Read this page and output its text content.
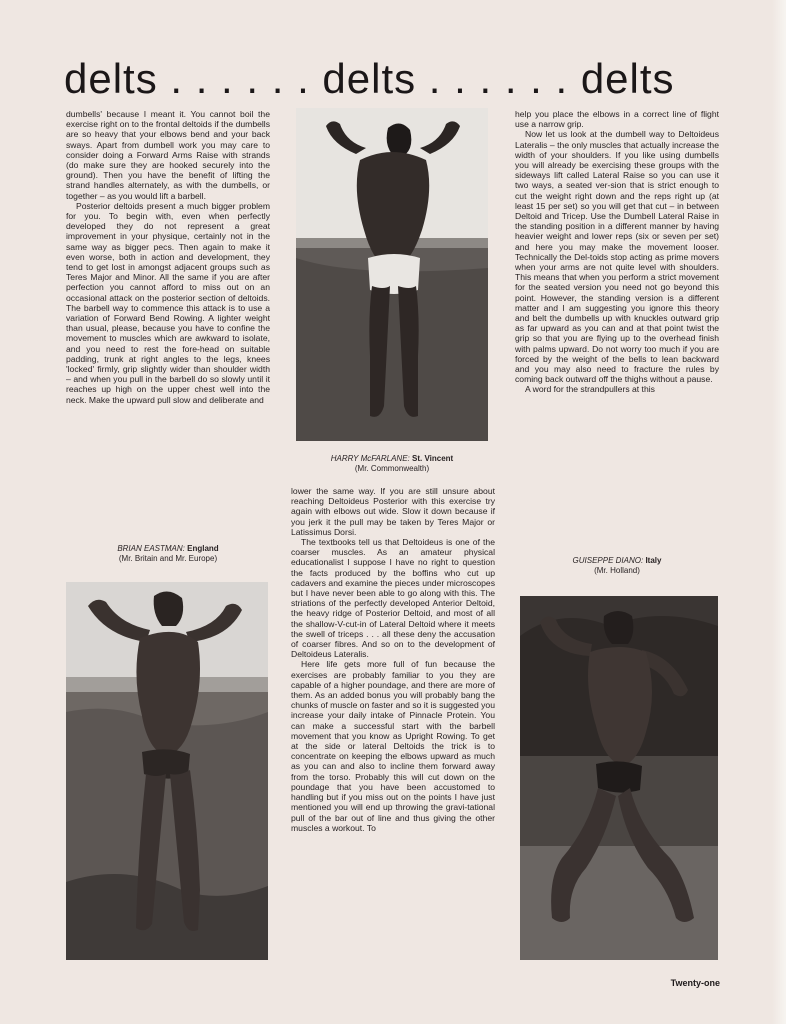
delts . . . . . . delts . . . . . . delts

dumbells' because I meant it. You cannot boil the exercise right on to the frontal deltoids if the dumbells are so heavy that your elbows bend and your back sways. Apart from dumbell work you may care to consider doing a Forward Arms Raise with strands (do make sure they are hooked securely into the ground). Then you have the benefit of lifting the strand handles alternately, as with the dumbells, or together – as you would lift a barbell.

Posterior deltoids present a much bigger problem for you. To begin with, even when perfectly developed they do not represent a great improvement in your physique, certainly not in the same way as bigger pecs. Then again to make it even worse, both in action and development, they tend to get lost in amongst adjacent groups such as Teres Major and Minor. All the same if you are after perfection you cannot afford to miss out on an occasional attack on the posterior section of deltoids. The barbell way to commence this attack is to use a variation of Forward Bend Rowing. A lighter weight than usual, please, because you have to confine the movement to muscles which are awkward to isolate, and you need to rest the fore-head on suitable padding, trunk at right angles to the legs, knees 'locked' firmly, grip slightly wider than shoulder width – and when you pull in the barbell do so slowly until it reaches up high on the upper chest well into the neck. Make the upward pull slow and deliberate and

HARRY McFARLANE: St. Vincent
(Mr. Commonwealth)

lower the same way. If you are still unsure about reaching Deltoideus Posterior with this exercise try again with elbows out wide. Slow it down because if you jerk it the pull may be taken by Teres Major or Latissimus Dorsi.

The textbooks tell us that Deltoideus is one of the coarser muscles. As an amateur physical educationalist I suppose I have no right to question the facts produced by the boffins who cut up cadavers and examine the pieces under microscopes but I have never been able to go along with this. The striations of the perfectly developed Anterior Deltoid, the heavy ridge of Posterior Deltoid, and most of all the shallow-V-cut-in of Lateral Deltoid where it meets the swell of triceps . . . all these deny the accusation of coarser fibres. And so on to the development of Deltoideus Lateralis.

Here life gets more full of fun because the exercises are probably familiar to you they are capable of a higher poundage, and there are more of them. As an added bonus you will probably bang the chunks of muscle on faster and so it is suggested you increase your daily intake of Pinnacle Protein. You can make a successful start with the barbell movement that you know as Upright Rowing. To get at the side or lateral Deltoids the trick is to concentrate on keeping the elbows upward as much as you can and also to incline them forward away from the torso. Probably this will cut down on the poundage that you have been accustomed to handling but if you miss out on the points I have just mentioned you will end up throwing the gravi-tational pull of the bar out of line and thus giving the other muscles a workout. To

help you place the elbows in a correct line of flight use a narrow grip.

Now let us look at the dumbell way to Deltoideus Lateralis – the only muscles that actually increase the width of your shoulders. If you like using dumbells you will already be exercising these groups with the sideways lift called Lateral Raise so you can use it two ways, a seated ver-sion that is strict enough to cut the weight right down and the reps right up (at least 15 per set) so you will get that cut – in between Deltoid and Tricep. Use the Dumbell Lateral Raise in the standing position in a different manner by having heavier weight and lower reps (six or seven per set) and here you may make the movement looser. Technically the Del-toids stop acting as prime movers when your arms are not quite level with shoulders. This means that when you perform a strict movement for the seated version you need not go beyond this point. However, the standing version is a different matter and I am suggesting you ignore this theory and belt the dumbells up with knuckles outward grip as far upward as you can and at that point twist the grip so that you are flying up to the overhead finish with palms upward. Do not worry too much if you are forced by the weight of the bells to lean backward and you may also need to fracture the rules by coming back outward off the thighs without a pause.

A word for the strandpullers at this

BRIAN EASTMAN: England
(Mr. Britain and Mr. Europe)	GUISEPPE DIANO: Italy
(Mr. Holland)
Twenty-one
